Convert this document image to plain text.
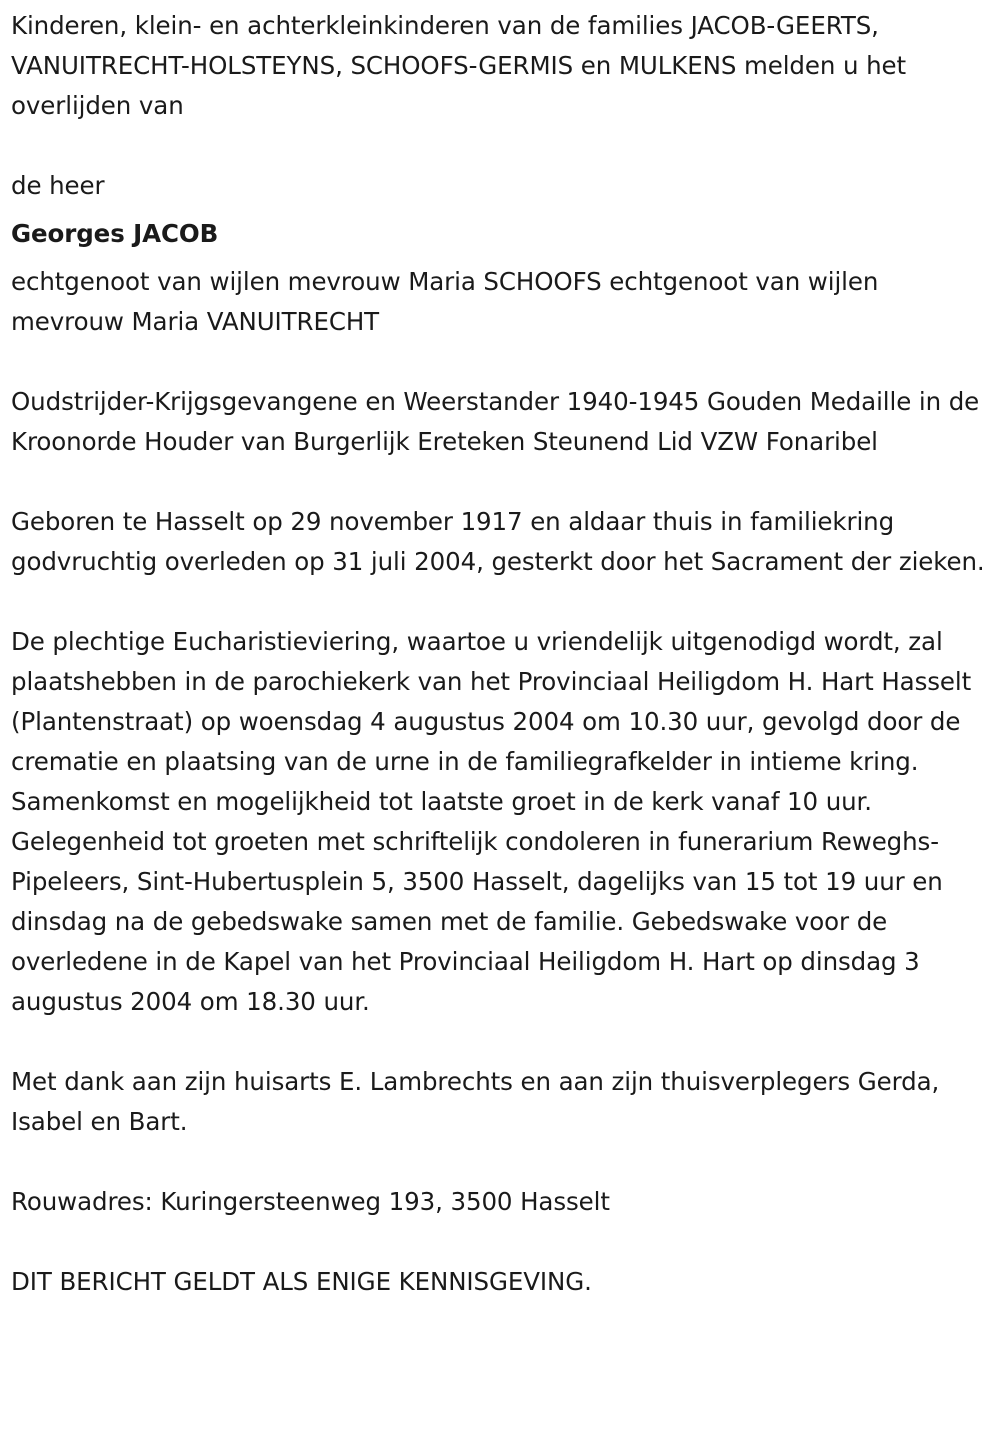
Kinderen, klein- en achterkleinkinderen van de families JACOB-GEERTS, VANUITRECHT-HOLSTEYNS, SCHOOFS-GERMIS en MULKENS melden u het overlijden van

de heer

Georges JACOB

echtgenoot van wijlen mevrouw Maria SCHOOFS echtgenoot van wijlen mevrouw Maria VANUITRECHT

Oudstrijder-Krijgsgevangene en Weerstander 1940-1945 Gouden Medaille in de Kroonorde Houder van Burgerlijk Ereteken Steunend Lid VZW Fonaribel

Geboren te Hasselt op 29 november 1917 en aldaar thuis in familiekring godvruchtig overleden op 31 juli 2004, gesterkt door het Sacrament der zieken.

De plechtige Eucharistieviering, waartoe u vriendelijk uitgenodigd wordt, zal plaatshebben in de parochiekerk van het Provinciaal Heiligdom H. Hart Hasselt (Plantenstraat) op woensdag 4 augustus 2004 om 10.30 uur, gevolgd door de crematie en plaatsing van de urne in de familiegrafkelder in intieme kring. Samenkomst en mogelijkheid tot laatste groet in de kerk vanaf 10 uur. Gelegenheid tot groeten met schriftelijk condoleren in funerarium Reweghs-Pipeleers, Sint-Hubertusplein 5, 3500 Hasselt, dagelijks van 15 tot 19 uur en dinsdag na de gebedswake samen met de familie. Gebedswake voor de overledene in de Kapel van het Provinciaal Heiligdom H. Hart op dinsdag 3 augustus 2004 om 18.30 uur.

Met dank aan zijn huisarts E. Lambrechts en aan zijn thuisverplegers Gerda, Isabel en Bart.

Rouwadres: Kuringersteenweg 193, 3500 Hasselt

DIT BERICHT GELDT ALS ENIGE KENNISGEVING.
